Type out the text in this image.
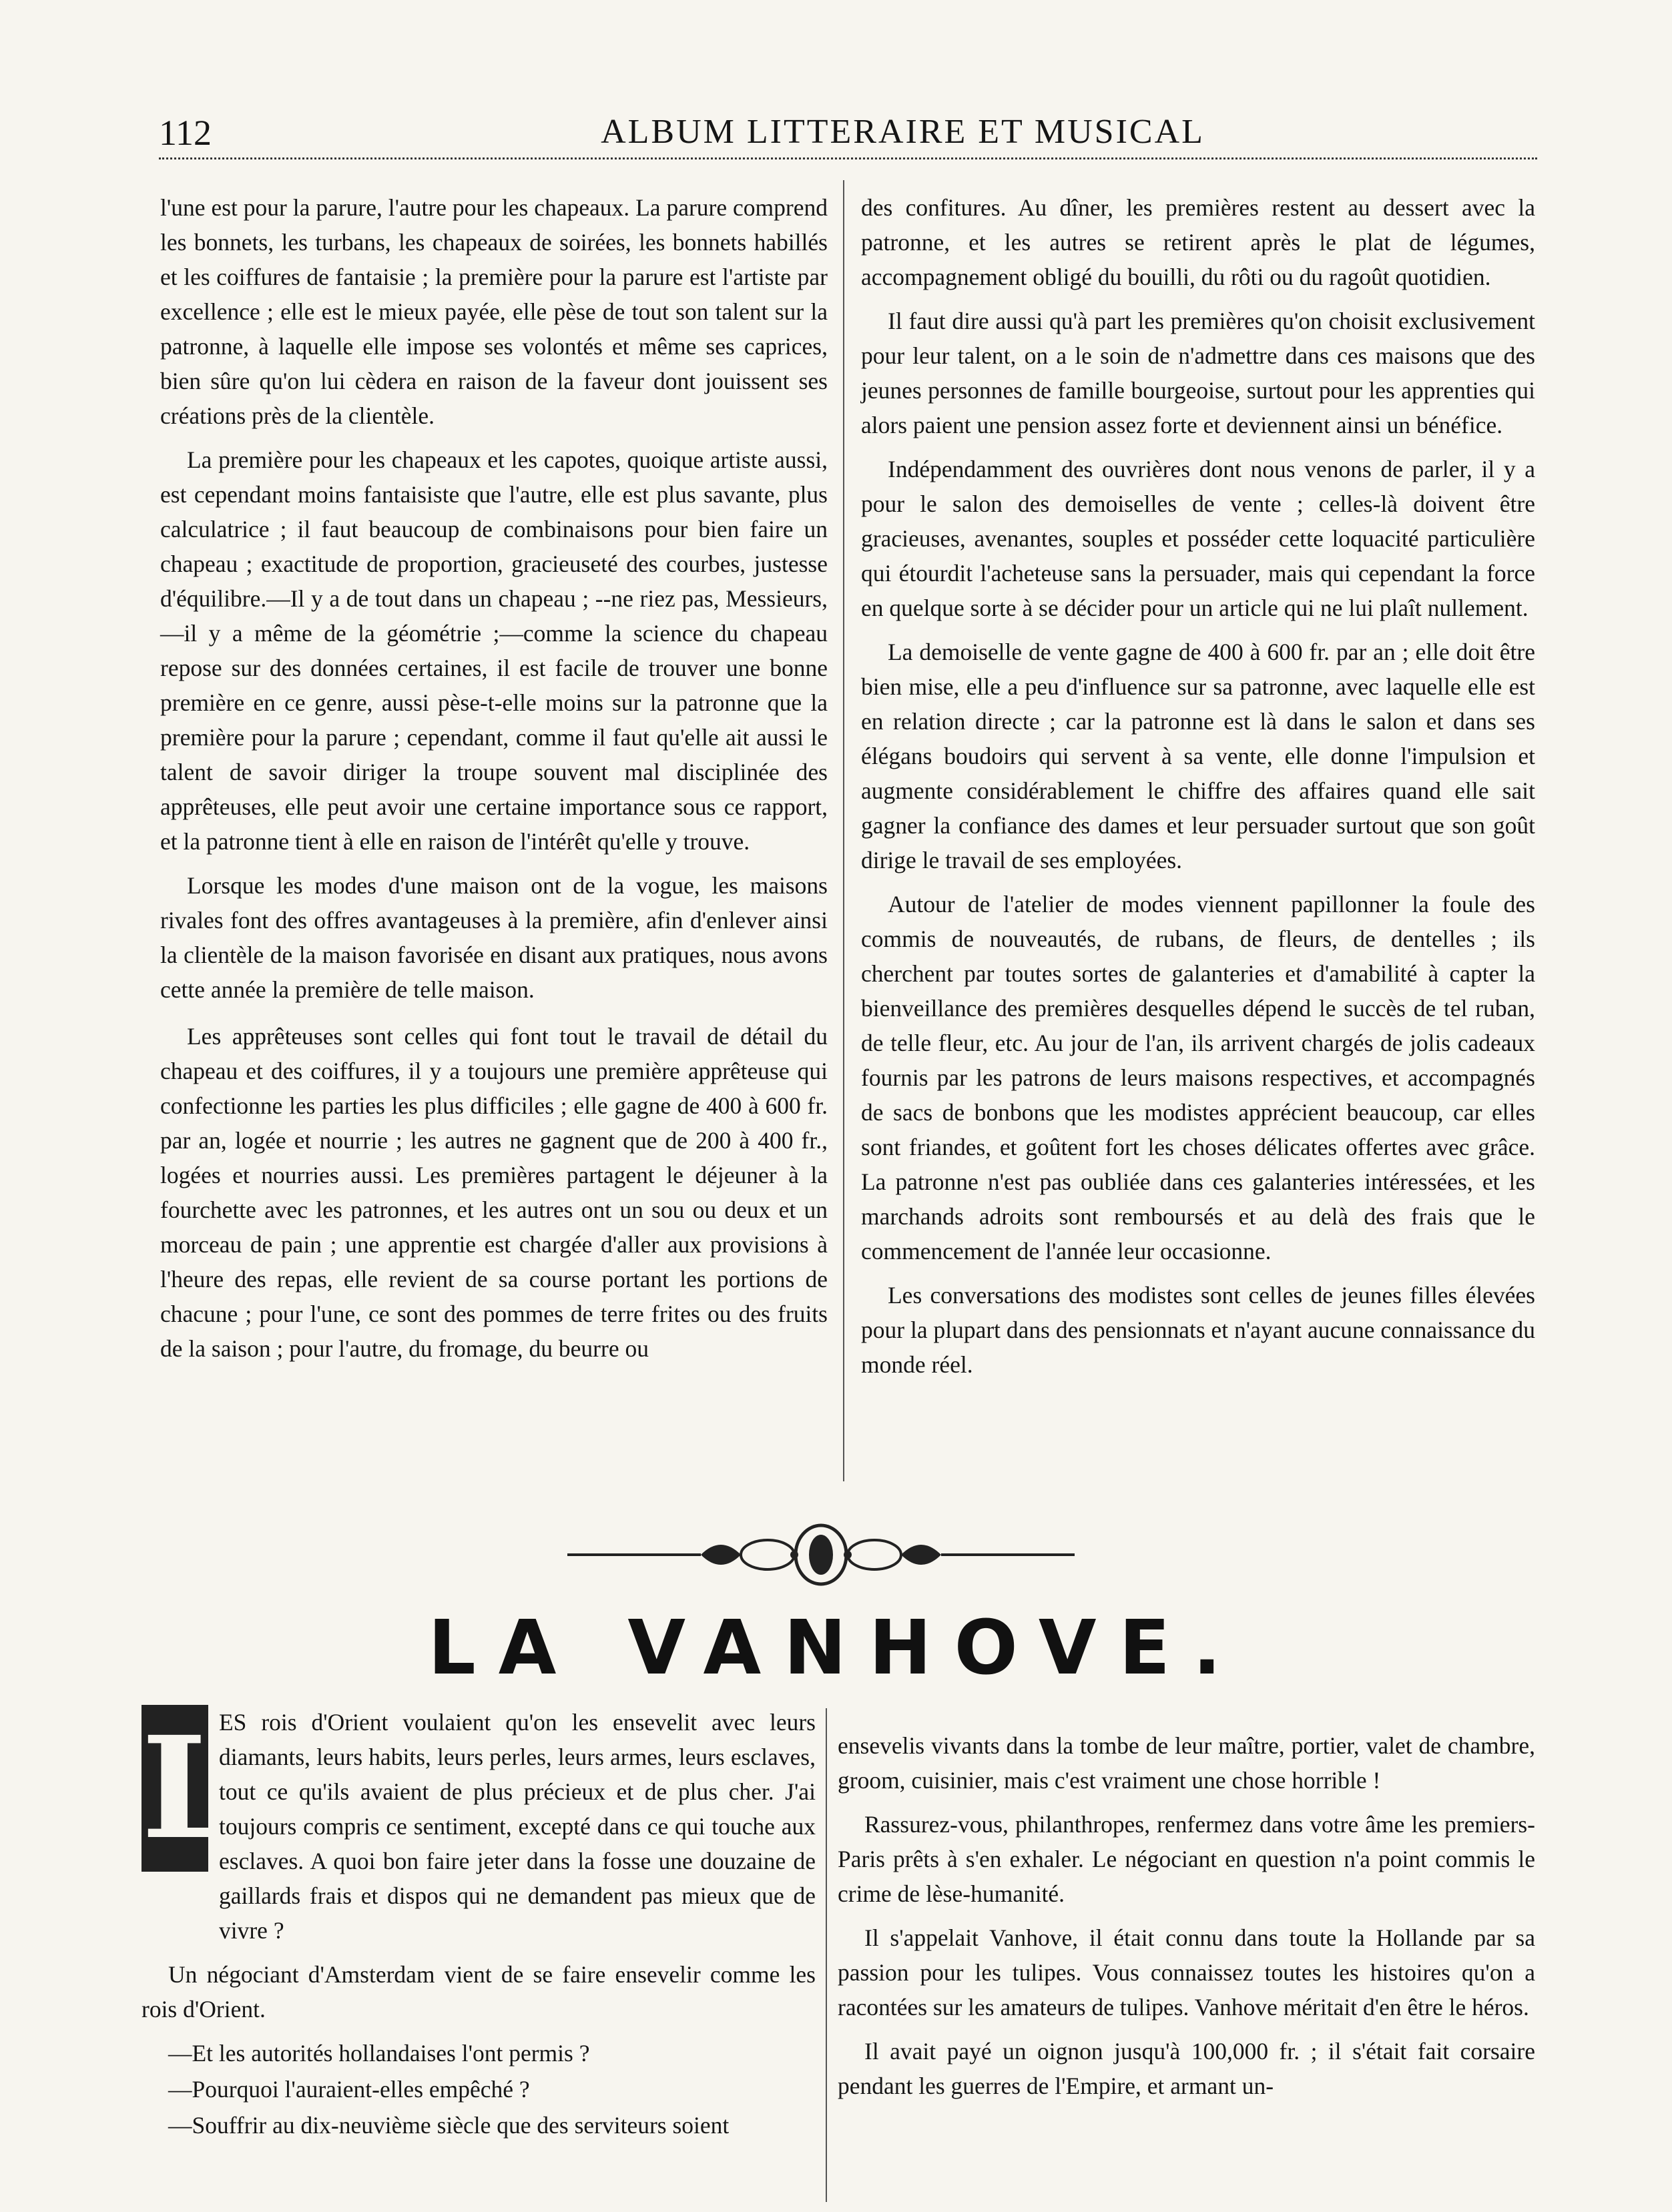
112	ALBUM LITTERAIRE ET MUSICAL

l'une est pour la parure, l'autre pour les chapeaux. La parure comprend les bonnets, les turbans, les chapeaux de soirées, les bonnets habillés et les coiffures de fantaisie ; la première pour la parure est l'artiste par excellence ; elle est le mieux payée, elle pèse de tout son talent sur la patronne, à laquelle elle impose ses volontés et même ses caprices, bien sûre qu'on lui cèdera en raison de la faveur dont jouissent ses créations près de la clientèle.

La première pour les chapeaux et les capotes, quoique artiste aussi, est cependant moins fantaisiste que l'autre, elle est plus savante, plus calculatrice ; il faut beaucoup de combinaisons pour bien faire un chapeau ; exactitude de proportion, gracieuseté des courbes, justesse d'équilibre.—Il y a de tout dans un chapeau ; --ne riez pas, Messieurs,—il y a même de la géométrie ;—comme la science du chapeau repose sur des données certaines, il est facile de trouver une bonne première en ce genre, aussi pèse-t-elle moins sur la patronne que la première pour la parure ; cependant, comme il faut qu'elle ait aussi le talent de savoir diriger la troupe souvent mal disciplinée des apprêteuses, elle peut avoir une certaine importance sous ce rapport, et la patronne tient à elle en raison de l'intérêt qu'elle y trouve.

Lorsque les modes d'une maison ont de la vogue, les maisons rivales font des offres avantageuses à la première, afin d'enlever ainsi la clientèle de la maison favorisée en disant aux pratiques, nous avons cette année la première de telle maison.

Les apprêteuses sont celles qui font tout le travail de détail du chapeau et des coiffures, il y a toujours une première apprêteuse qui confectionne les parties les plus difficiles ; elle gagne de 400 à 600 fr. par an, logée et nourrie ; les autres ne gagnent que de 200 à 400 fr., logées et nourries aussi. Les premières partagent le déjeuner à la fourchette avec les patronnes, et les autres ont un sou ou deux et un morceau de pain ; une apprentie est chargée d'aller aux provisions à l'heure des repas, elle revient de sa course portant les portions de chacune ; pour l'une, ce sont des pommes de terre frites ou des fruits de la saison ; pour l'autre, du fromage, du beurre ou

des confitures. Au dîner, les premières restent au dessert avec la patronne, et les autres se retirent après le plat de légumes, accompagnement obligé du bouilli, du rôti ou du ragoût quotidien.

Il faut dire aussi qu'à part les premières qu'on choisit exclusivement pour leur talent, on a le soin de n'admettre dans ces maisons que des jeunes personnes de famille bourgeoise, surtout pour les apprenties qui alors paient une pension assez forte et deviennent ainsi un bénéfice.

Indépendamment des ouvrières dont nous venons de parler, il y a pour le salon des demoiselles de vente ; celles-là doivent être gracieuses, avenantes, souples et posséder cette loquacité particulière qui étourdit l'acheteuse sans la persuader, mais qui cependant la force en quelque sorte à se décider pour un article qui ne lui plaît nullement.

La demoiselle de vente gagne de 400 à 600 fr. par an ; elle doit être bien mise, elle a peu d'influence sur sa patronne, avec laquelle elle est en relation directe ; car la patronne est là dans le salon et dans ses élégans boudoirs qui servent à sa vente, elle donne l'impulsion et augmente considérablement le chiffre des affaires quand elle sait gagner la confiance des dames et leur persuader surtout que son goût dirige le travail de ses employées.

Autour de l'atelier de modes viennent papillonner la foule des commis de nouveautés, de rubans, de fleurs, de dentelles ; ils cherchent par toutes sortes de galanteries et d'amabilité à capter la bienveillance des premières desquelles dépend le succès de tel ruban, de telle fleur, etc. Au jour de l'an, ils arrivent chargés de jolis cadeaux fournis par les patrons de leurs maisons respectives, et accompagnés de sacs de bonbons que les modistes apprécient beaucoup, car elles sont friandes, et goûtent fort les choses délicates offertes avec grâce. La patronne n'est pas oubliée dans ces galanteries intéressées, et les marchands adroits sont remboursés et au delà des frais que le commencement de l'année leur occasionne.

Les conversations des modistes sont celles de jeunes filles élevées pour la plupart dans des pensionnats et n'ayant aucune connaissance du monde réel.

LA VANHOVE.
L

ES rois d'Orient voulaient qu'on les ensevelit avec leurs diamants, leurs habits, leurs perles, leurs armes, leurs esclaves, tout ce qu'ils avaient de plus précieux et de plus cher. J'ai toujours compris ce sentiment, excepté dans ce qui touche aux esclaves. A quoi bon faire jeter dans la fosse une douzaine de gaillards frais et dispos qui ne demandent pas mieux que de vivre ?

Un négociant d'Amsterdam vient de se faire ensevelir comme les rois d'Orient.

—Et les autorités hollandaises l'ont permis ?

—Pourquoi l'auraient-elles empêché ?

—Souffrir au dix-neuvième siècle que des serviteurs soient

ensevelis vivants dans la tombe de leur maître, portier, valet de chambre, groom, cuisinier, mais c'est vraiment une chose horrible !

Rassurez-vous, philanthropes, renfermez dans votre âme les premiers-Paris prêts à s'en exhaler. Le négociant en question n'a point commis le crime de lèse-humanité.

Il s'appelait Vanhove, il était connu dans toute la Hollande par sa passion pour les tulipes. Vous connaissez toutes les histoires qu'on a racontées sur les amateurs de tulipes. Vanhove méritait d'en être le héros.

Il avait payé un oignon jusqu'à 100,000 fr. ; il s'était fait corsaire pendant les guerres de l'Empire, et armant un-
